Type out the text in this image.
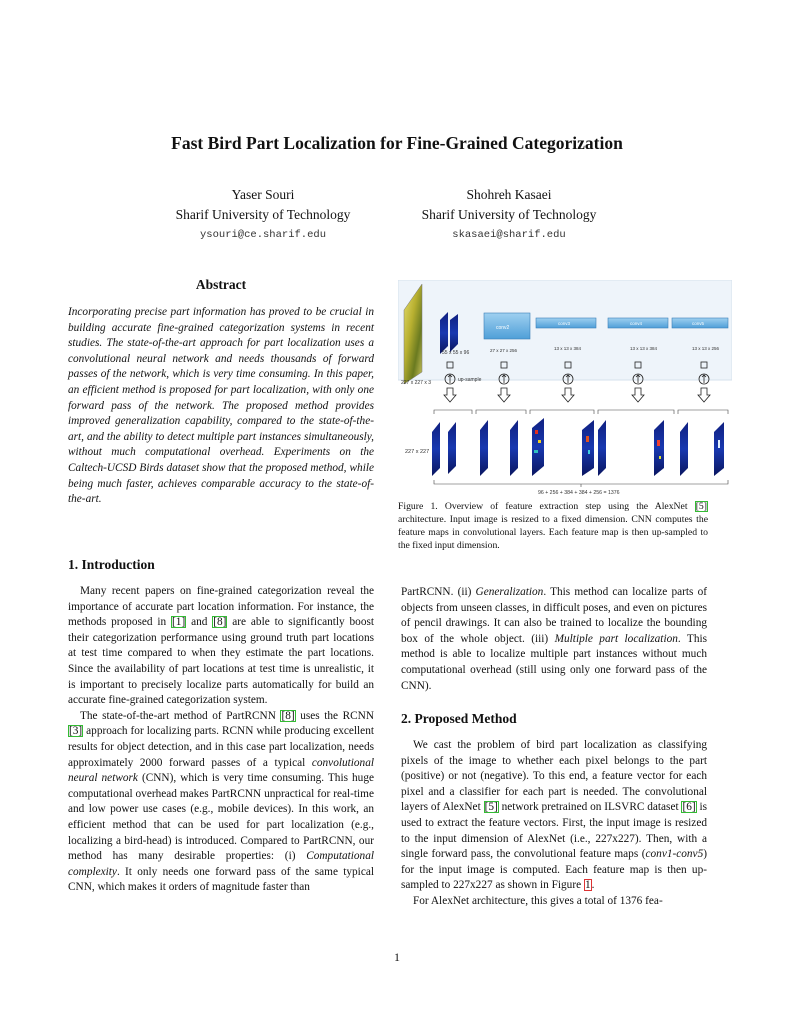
Fast Bird Part Localization for Fine-Grained Categorization
Yaser Souri
Sharif University of Technology
ysouri@ce.sharif.edu
Shohreh Kasaei
Sharif University of Technology
skasaei@sharif.edu
Abstract
Incorporating precise part information has proved to be crucial in building accurate fine-grained categorization systems in recent studies. The state-of-the-art approach for part localization uses a convolutional neural network and needs thousands of forward passes of the network, which is very time consuming. In this paper, an efficient method is proposed for part localization, with only one forward pass of the network. The proposed method provides improved generalization capability, compared to the state-of-the-art, and the ability to detect multiple part instances simultaneously, without much computational overhead. Experiments on the Caltech-UCSD Birds dataset show that the proposed method, while being much faster, achieves comparable accuracy to the state-of-the-art.
1. Introduction

Many recent papers on fine-grained categorization reveal the importance of accurate part location information. For instance, the methods proposed in [1] and [8] are able to significantly boost their categorization performance using ground truth part locations at test time compared to when they estimate the part locations. Since the availability of part locations at test time is unrealistic, it is important to precisely localize parts automatically for build an accurate fine-grained categorization system.

The state-of-the-art method of PartRCNN [8] uses the RCNN [3] approach for localizing parts. RCNN while producing excellent results for object detection, and in this case part localization, needs approximately 2000 forward passes of a typical convolutional neural network (CNN), which is very time consuming. This huge computational overhead makes PartRCNN unpractical for real-time and low power use cases (e.g., mobile devices). In this work, an efficient method that can be used for part localization (e.g., localizing a bird-head) is introduced. Compared to PartRCNN, our method has many desirable properties: (i) Computational complexity. It only needs one forward pass of the same typical CNN, which makes it orders of magnitude faster than

227 x 227 x 3
55 x 55 x 96
conv2
27 x 27 x 256
conv3
13 x 13 x 384
conv4
13 x 13 x 384
conv5
13 x 13 x 256
up-sample
227 x 227
96 + 256 + 384 + 384 + 256 = 1376
Figure 1. Overview of feature extraction step using the AlexNet [5] architecture. Input image is resized to a fixed dimension. CNN computes the feature maps in convolutional layers. Each feature map is then up-sampled to the fixed input dimension.

PartRCNN. (ii) Generalization. This method can localize parts of objects from unseen classes, in difficult poses, and even on pictures of pencil drawings. It can also be trained to localize the bounding box of the whole object. (iii) Multiple part localization. This method is able to localize multiple part instances without much computational overhead (still using only one forward pass of the CNN).

2. Proposed Method

We cast the problem of bird part localization as classifying pixels of the image to whether each pixel belongs to the part (positive) or not (negative). To this end, a feature vector for each pixel and a classifier for each part is needed. The convolutional layers of AlexNet [5] network pretrained on ILSVRC dataset [6] is used to extract the feature vectors. First, the input image is resized to the input dimension of AlexNet (i.e., 227x227). Then, with a single forward pass, the convolutional feature maps (conv1-conv5) for the input image is computed. Each feature map is then up-sampled to 227x227 as shown in Figure 1.

For AlexNet architecture, this gives a total of 1376 fea-

1
